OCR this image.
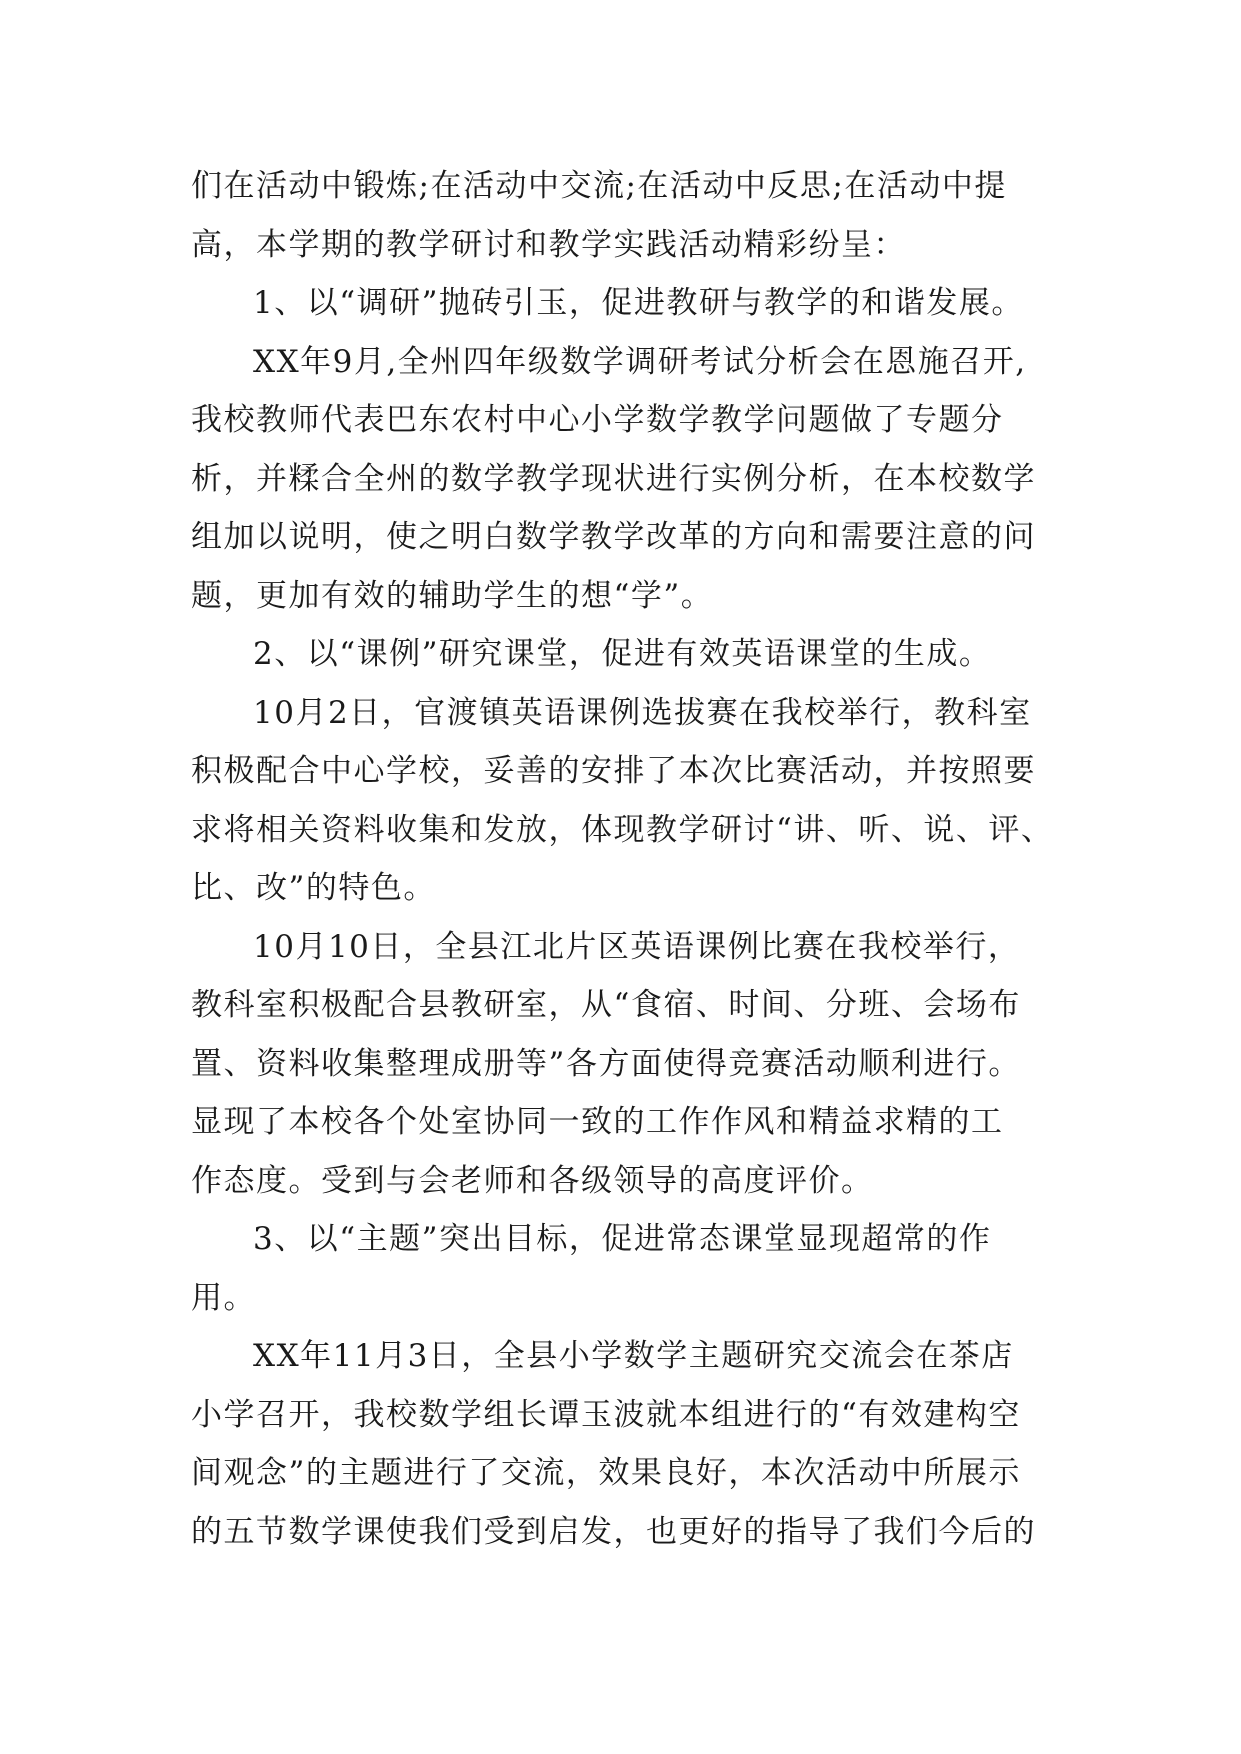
们在活动中锻炼;在活动中交流;在活动中反思;在活动中提
高，本学期的教学研讨和教学实践活动精彩纷呈：
1、以“调研”抛砖引玉，促进教研与教学的和谐发展。
XX年9月,全州四年级数学调研考试分析会在恩施召开,
我校教师代表巴东农村中心小学数学教学问题做了专题分
析，并糅合全州的数学教学现状进行实例分析，在本校数学
组加以说明，使之明白数学教学改革的方向和需要注意的问
题，更加有效的辅助学生的想“学”。
2、以“课例”研究课堂，促进有效英语课堂的生成。
10月2日，官渡镇英语课例选拔赛在我校举行，教科室
积极配合中心学校，妥善的安排了本次比赛活动，并按照要
求将相关资料收集和发放，体现教学研讨“讲、听、说、评、
比、改”的特色。
10月10日，全县江北片区英语课例比赛在我校举行，
教科室积极配合县教研室，从“食宿、时间、分班、会场布
置、资料收集整理成册等”各方面使得竞赛活动顺利进行。
显现了本校各个处室协同一致的工作作风和精益求精的工
作态度。受到与会老师和各级领导的高度评价。
3、以“主题”突出目标，促进常态课堂显现超常的作
用。
XX年11月3日，全县小学数学主题研究交流会在茶店
小学召开，我校数学组长谭玉波就本组进行的“有效建构空
间观念”的主题进行了交流，效果良好，本次活动中所展示
的五节数学课使我们受到启发，也更好的指导了我们今后的
